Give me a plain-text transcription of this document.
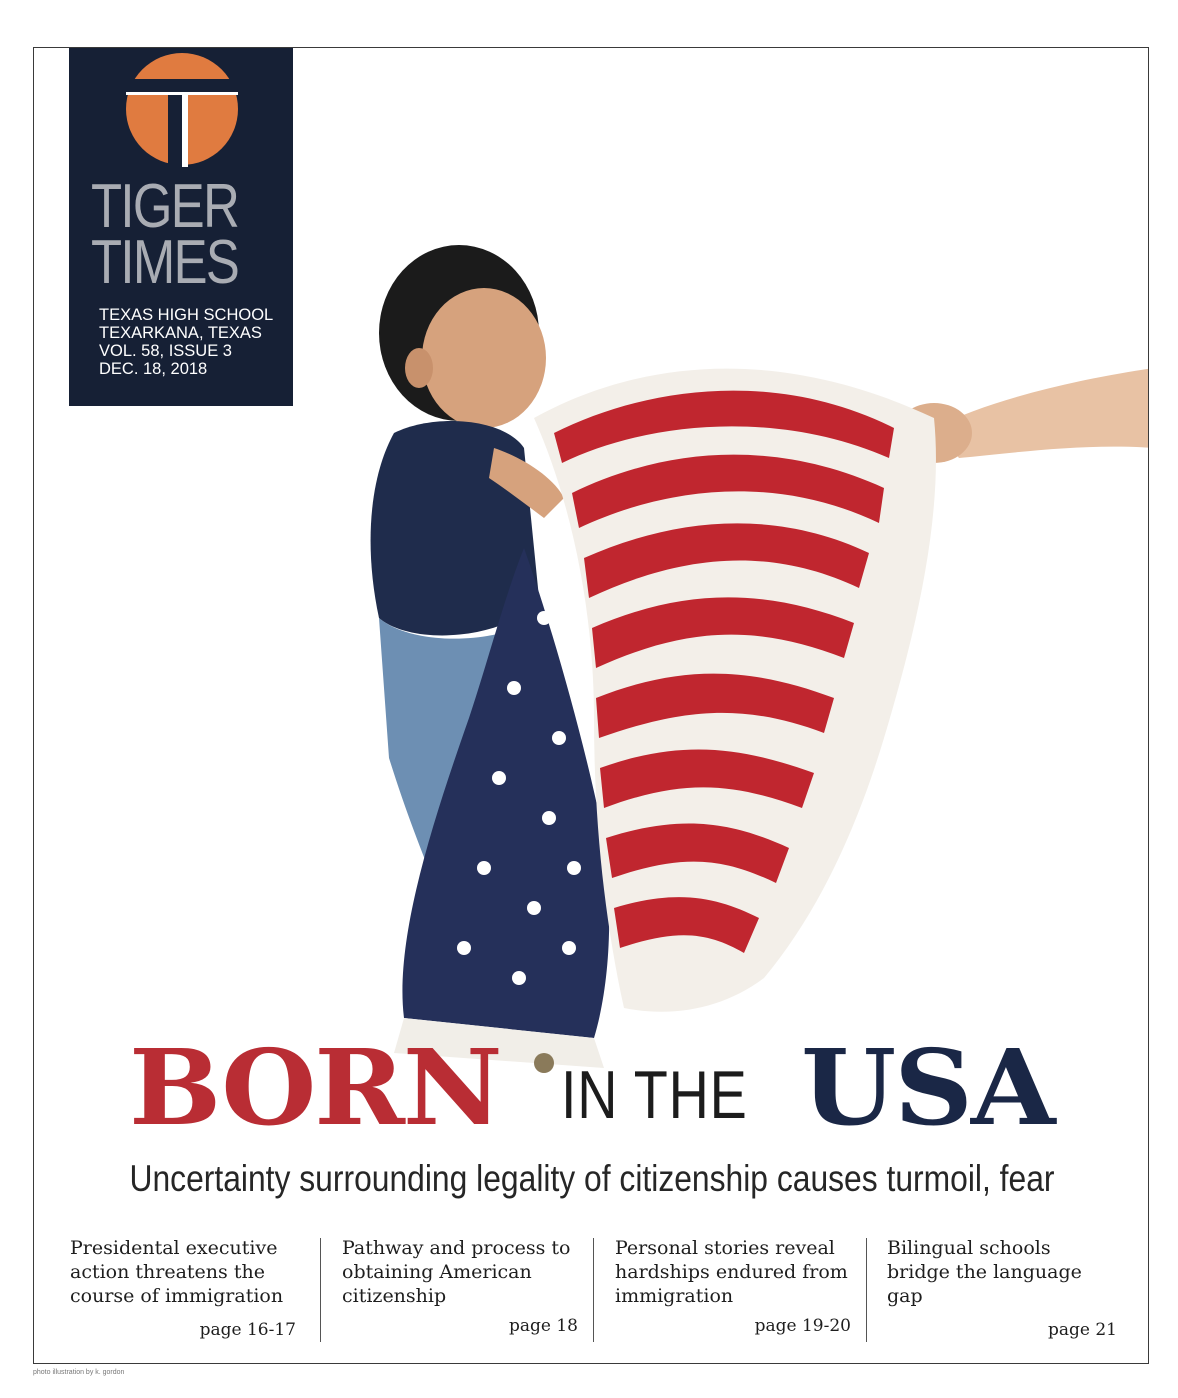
TIGER
TIMES
TEXAS HIGH SCHOOL
TEXARKANA, TEXAS
VOL. 58, ISSUE 3
DEC. 18, 2018
BORN IN THE USA
Uncertainty surrounding legality of citizenship causes turmoil, fear
Presidental executive action threatens the course of immigration
page 16-17
Pathway and process to obtaining American citizenship
page 18
Personal stories reveal hardships endured from immigration
page 19-20
Bilingual schools bridge the language gap
page 21
photo illustration by k. gordon
